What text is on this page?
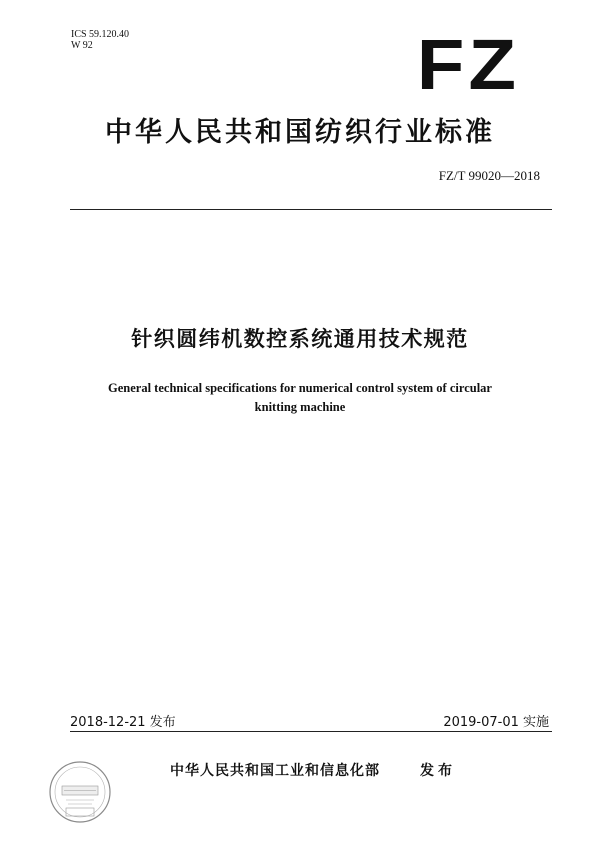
ICS 59.120.40
W 92	FZ
中华人民共和国纺织行业标准
FZ/T 99020—2018
针织圆纬机数控系统通用技术规范
General technical specifications for numerical control system of circular
knitting machine
2018-12-21 发布	2019-07-01 实施
中华人民共和国工业和信息化部	发布
